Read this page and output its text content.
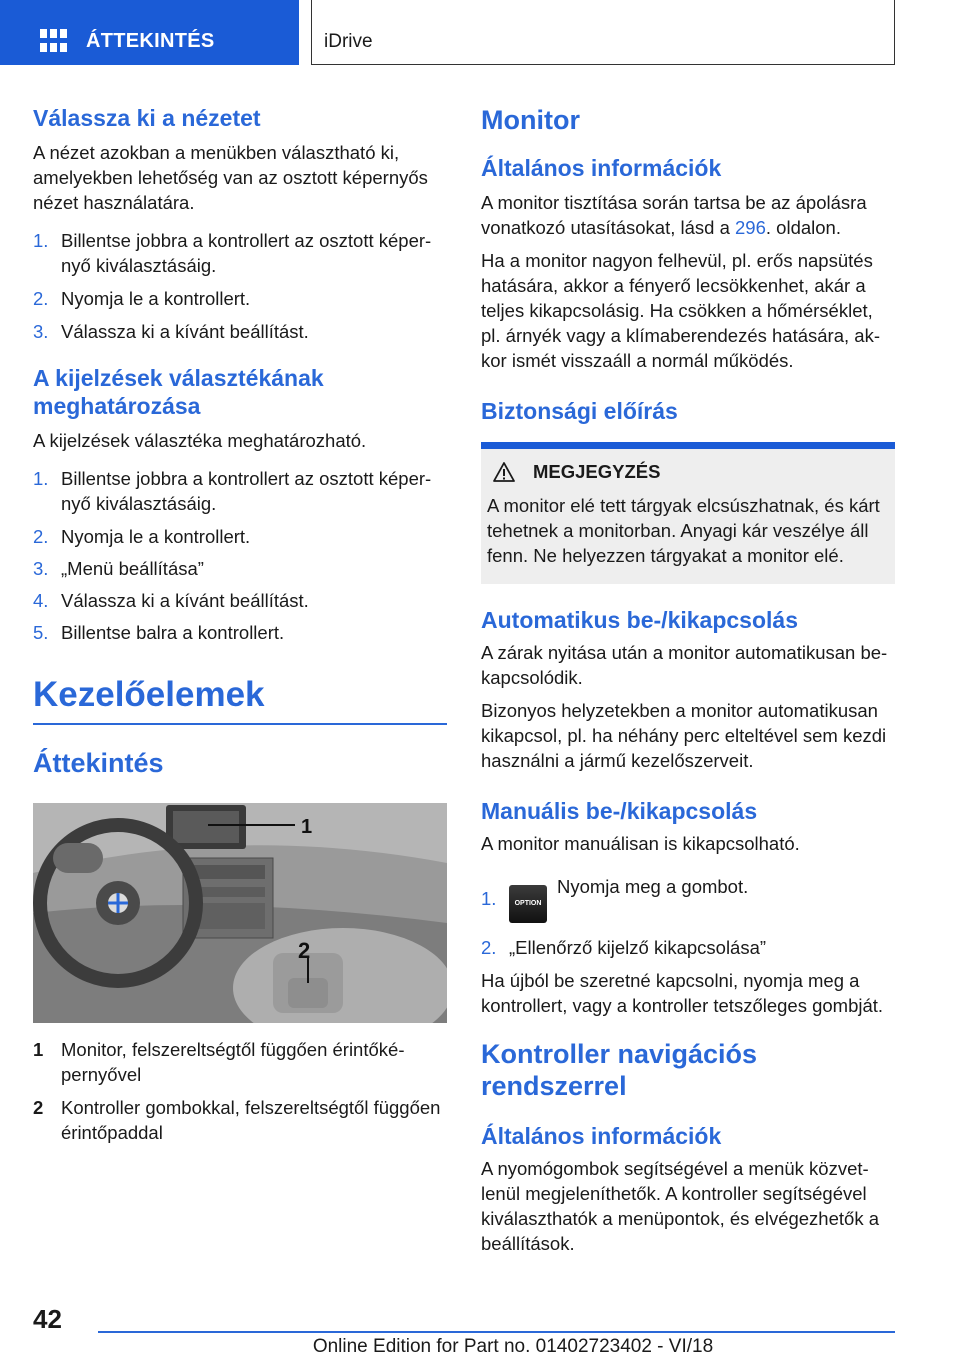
ÁTTEKINTÉS	iDrive
Válassza ki a nézetet
A nézet azokban a menükben választható ki, amelyekben lehetőség van az osztott képernyős nézet használatára.
1. Billentse jobbra a kontrollert az osztott képernyő kiválasztásáig.
2. Nyomja le a kontrollert.
3. Válassza ki a kívánt beállítást.
A kijelzések választékának meghatározása
A kijelzések választéka meghatározható.
1. Billentse jobbra a kontrollert az osztott képernyő kiválasztásáig.
2. Nyomja le a kontrollert.
3. „Menü beállítása”
4. Válassza ki a kívánt beállítást.
5. Billentse balra a kontrollert.
Kezelőelemek
Áttekintés
1
2
1 Monitor, felszereltségtől függően érintőképernyővel
2 Kontroller gombokkal, felszereltségtől függően érintőpaddal
Monitor
Általános információk
A monitor tisztítása során tartsa be az ápolásra vonatkozó utasításokat, lásd a 296. oldalon.
Ha a monitor nagyon felhevül, pl. erős napsütés hatására, akkor a fényerő lecsökkenhet, akár a teljes kikapcsolásig. Ha csökken a hőmérséklet, pl. árnyék vagy a klímaberendezés hatására, akkor ismét visszaáll a normál működés.
Biztonsági előírás
MEGJEGYZÉS
A monitor elé tett tárgyak elcsúszhatnak, és kárt tehetnek a monitorban. Anyagi kár veszélye áll fenn. Ne helyezzen tárgyakat a monitor elé.
Automatikus be-/kikapcsolás
A zárak nyitása után a monitor automatikusan bekapcsolódik.
Bizonyos helyzetekben a monitor automatikusan kikapcsol, pl. ha néhány perc elteltével sem kezdi használni a jármű kezelőszerveit.
Manuális be-/kikapcsolás
A monitor manuálisan is kikapcsolható.
1.	OPTIONNyomja meg a gombot.
2. „Ellenőrző kijelző kikapcsolása”
Ha újból be szeretné kapcsolni, nyomja meg a kontrollert, vagy a kontroller tetszőleges gombját.
Kontroller navigációs rendszerrel
Általános információk
A nyomógombok segítségével a menük közvetlenül megjeleníthetők. A kontroller segítségével kiválaszthatók a menüpontok, és elvégezhetők a beállítások.
42
Online Edition for Part no. 01402723402 - VI/18
